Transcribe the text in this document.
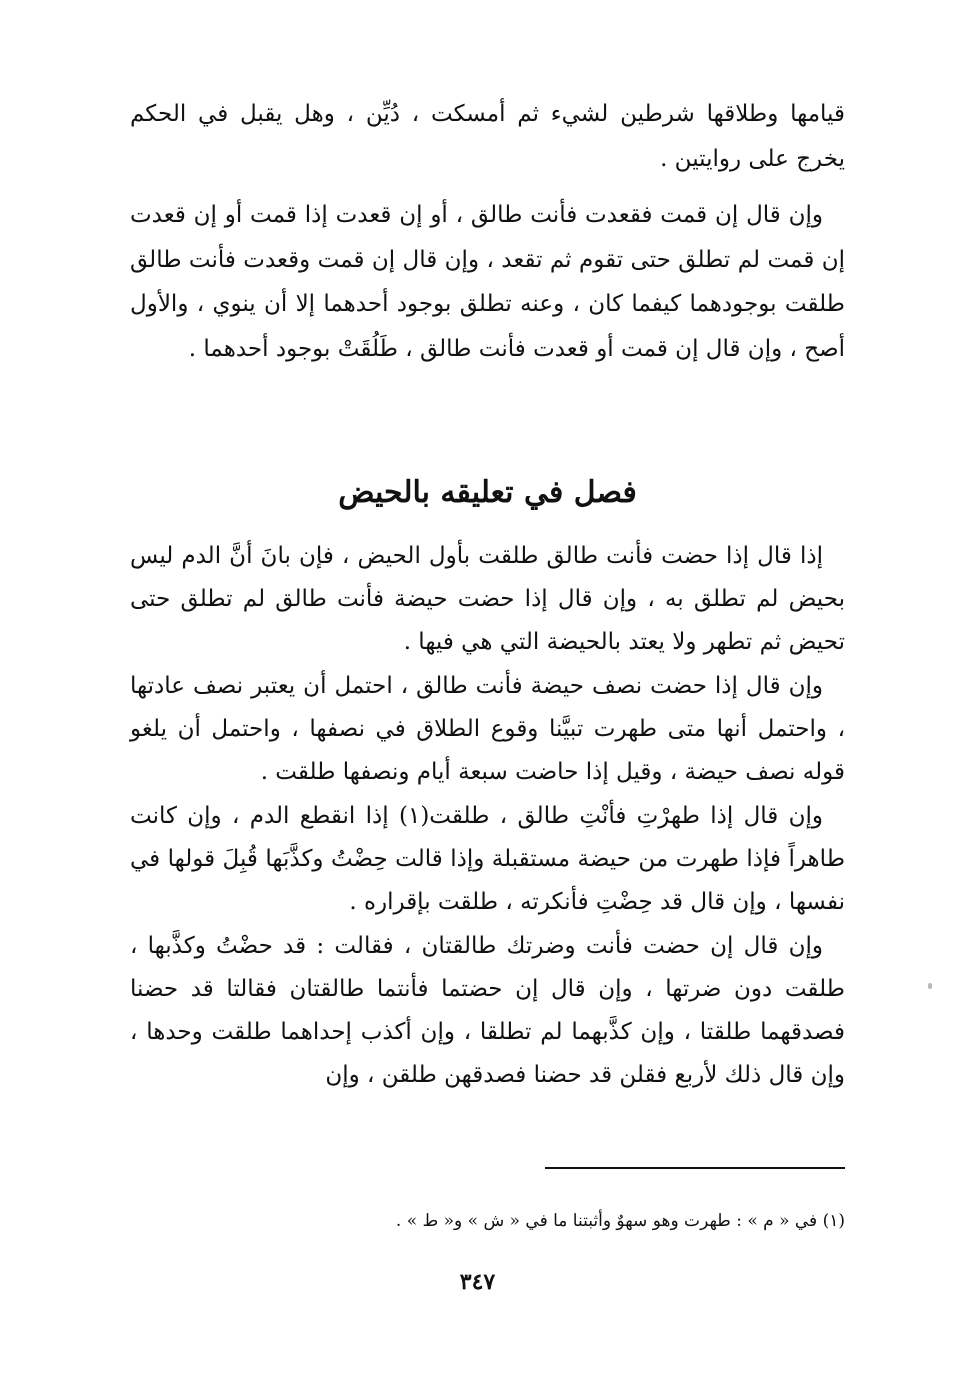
قيامها وطلاقها شرطين لشيء ثم أمسكت ، دُيِّن ، وهل يقبل في الحكم يخرج على روايتين .

وإن قال إن قمت فقعدت فأنت طالق ، أو إن قعدت إذا قمت أو إن قعدت إن قمت لم تطلق حتى تقوم ثم تقعد ، وإن قال إن قمت وقعدت فأنت طالق طلقت بوجودهما كيفما كان ، وعنه تطلق بوجود أحدهما إلا أن ينوي ، والأول أصح ، وإن قال إن قمت أو قعدت فأنت طالق ، طَلُقَتْ بوجود أحدهما .

فصل في تعليقه بالحيض

إذا قال إذا حضت فأنت طالق طلقت بأول الحيض ، فإن بانَ أنَّ الدم ليس بحيض لم تطلق به ، وإن قال إذا حضت حيضة فأنت طالق لم تطلق حتى تحيض ثم تطهر ولا يعتد بالحيضة التي هي فيها .

وإن قال إذا حضت نصف حيضة فأنت طالق ، احتمل أن يعتبر نصف عادتها ، واحتمل أنها متى طهرت تبيَّنا وقوع الطلاق في نصفها ، واحتمل أن يلغو قوله نصف حيضة ، وقيل إذا حاضت سبعة أيام ونصفها طلقت .

وإن قال إذا طهرْتِ فأنْتِ طالق ، طلقت(١) إذا انقطع الدم ، وإن كانت طاهراً فإذا طهرت من حيضة مستقبلة وإذا قالت حِضْتُ وكذَّبَها قُبِلَ قولها في نفسها ، وإن قال قد حِضْتِ فأنكرته ، طلقت بإقراره .

وإن قال إن حضت فأنت وضرتك طالقتان ، فقالت : قد حضْتُ وكذَّبها ، طلقت دون ضرتها ، وإن قال إن حضتما فأنتما طالقتان فقالتا قد حضنا فصدقهما طلقتا ، وإن كذَّبهما لم تطلقا ، وإن أكذب إحداهما طلقت وحدها ، وإن قال ذلك لأربع فقلن قد حضنا فصدقهن طلقن ، وإن

(١) في « م » : طهرت وهو سهوٌ وأثبتنا ما في « ش » و« ط » .

٣٤٧
